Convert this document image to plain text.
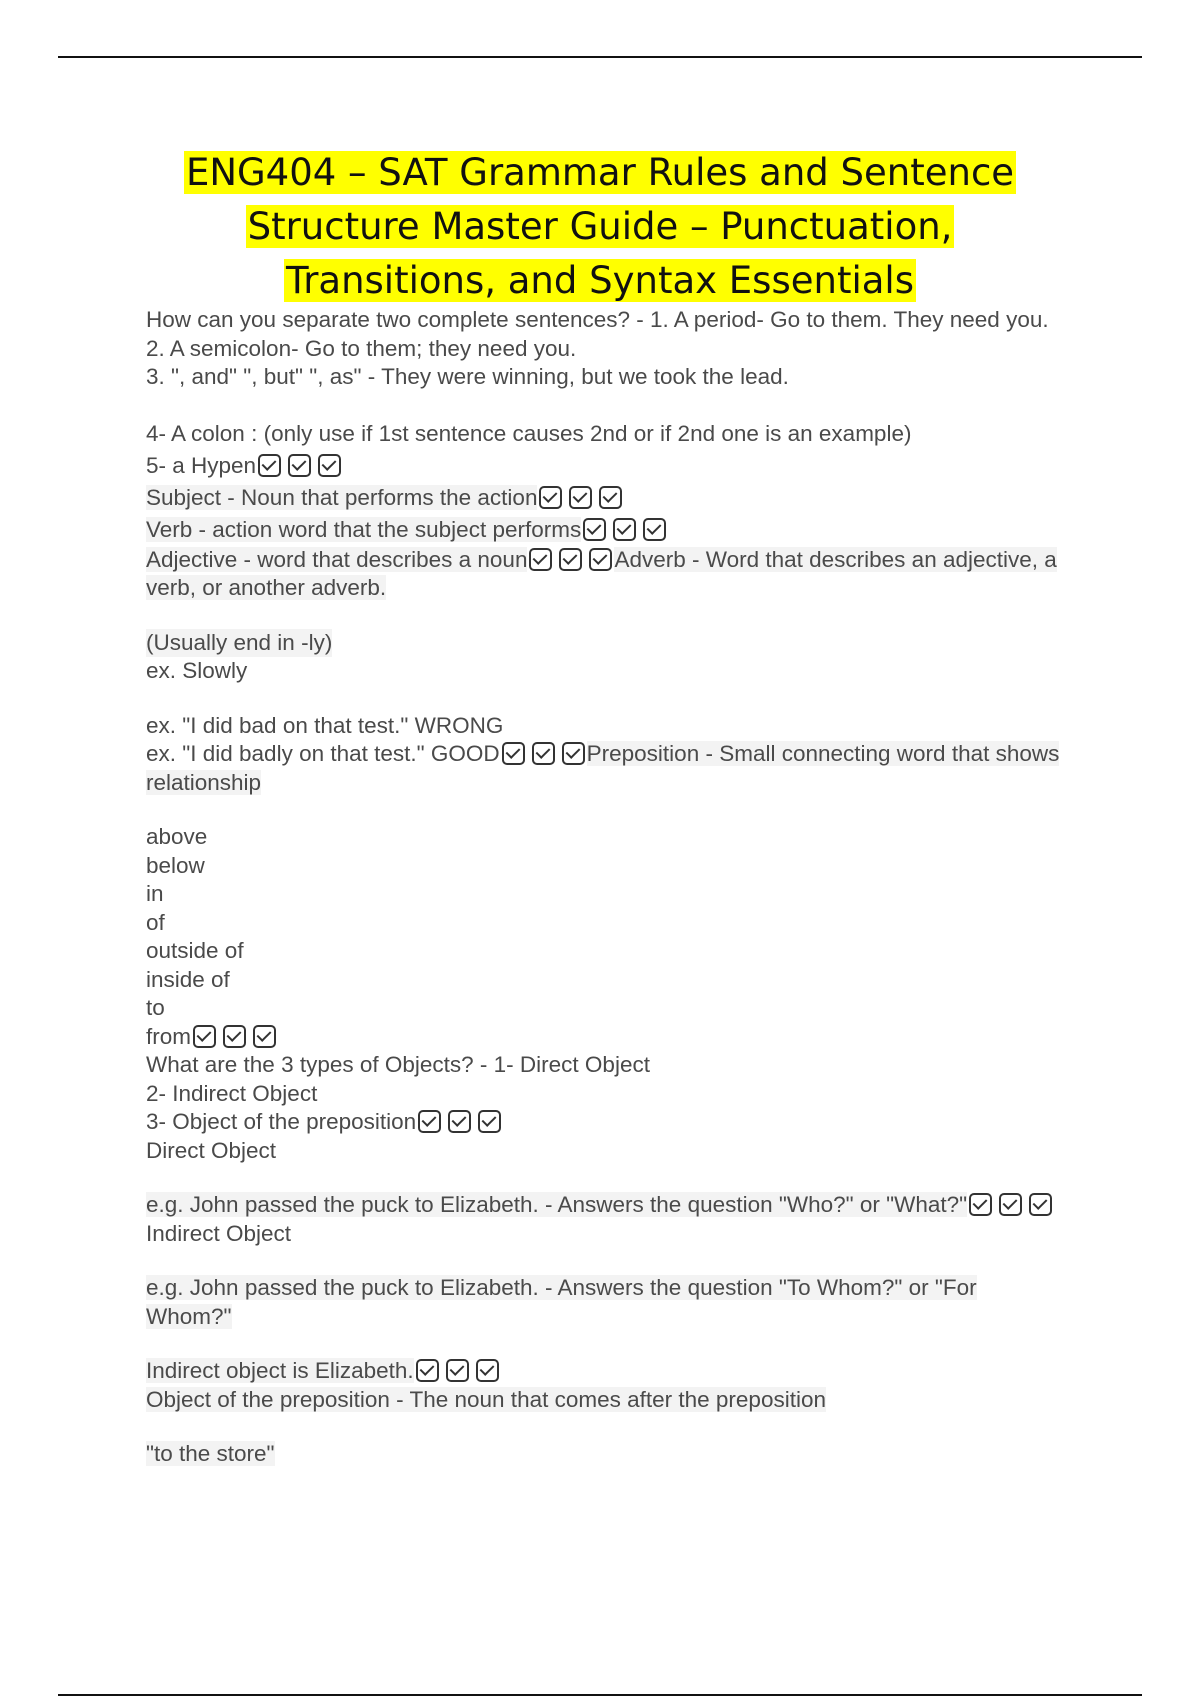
ENG404 – SAT Grammar Rules and Sentence Structure Master Guide – Punctuation, Transitions, and Syntax Essentials

How can you separate two complete sentences? - 1. A period- Go to them. They need you.

2. A semicolon- Go to them; they need you.

3. ", and" ", but" ", as" - They were winning, but we took the lead.

4- A colon : (only use if 1st sentence causes 2nd or if 2nd one is an example)

5- a Hypen

Subject - Noun that performs the action

Verb - action word that the subject performs

Adjective - word that describes a noun	Adverb - Word that describes an adjective, a verb, or another adverb.

(Usually end in -ly)

ex. Slowly

ex. "I did bad on that test." WRONG

ex. "I did badly on that test." GOOD	Preposition - Small connecting word that shows relationship

above

below

in

of

outside of

inside of

to

from

What are the 3 types of Objects? - 1- Direct Object

2- Indirect Object

3- Object of the preposition

Direct Object

e.g. John passed the puck to Elizabeth. - Answers the question "Who?" or "What?"

Indirect Object

e.g. John passed the puck to Elizabeth. - Answers the question "To Whom?" or "For Whom?"

Indirect object is Elizabeth.

Object of the preposition - The noun that comes after the preposition

"to the store"
